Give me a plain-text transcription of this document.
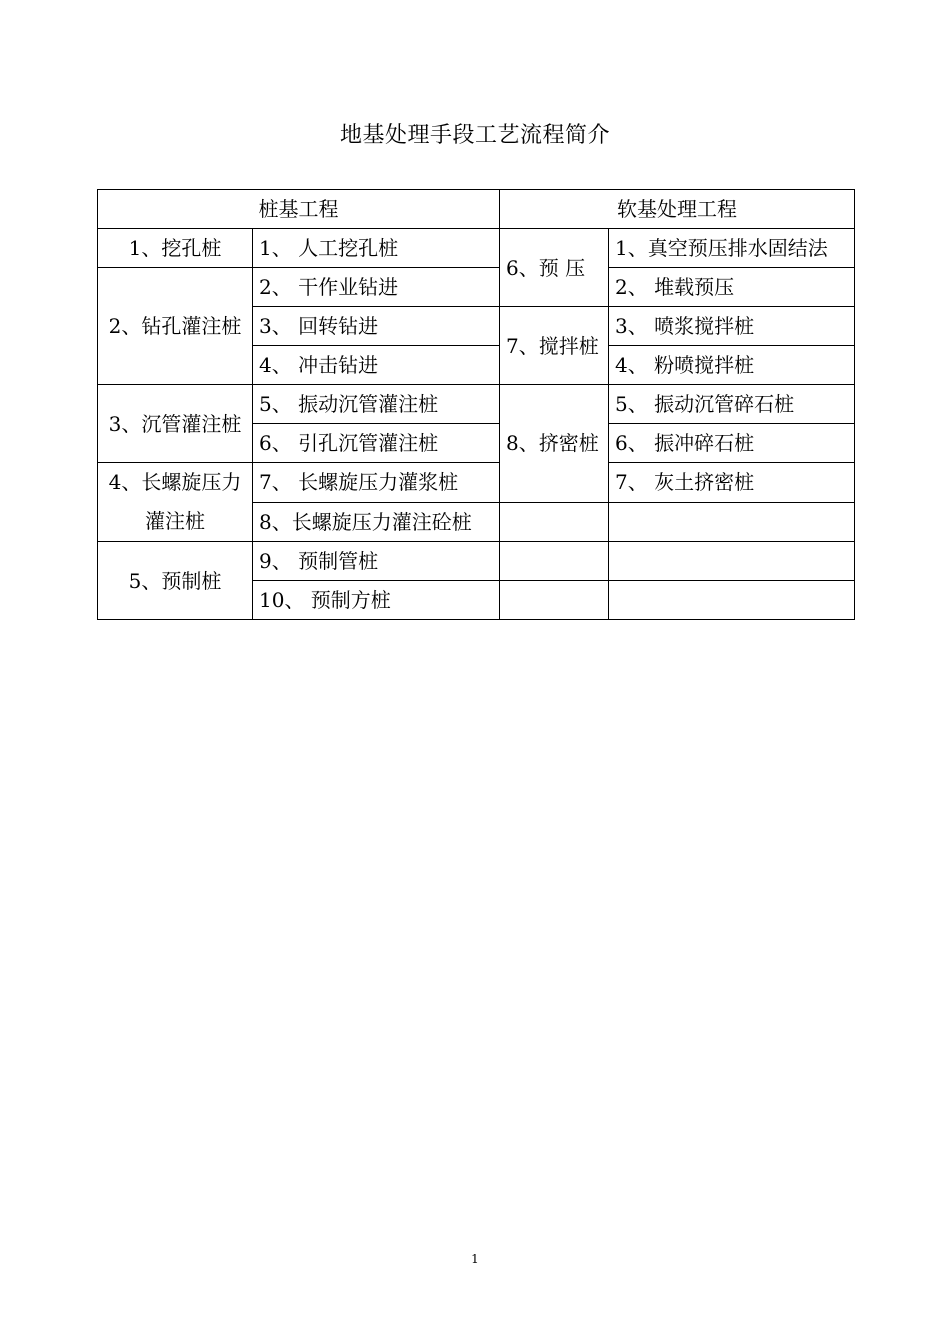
地基处理手段工艺流程简介
桩基工程		软基处理工程	
1、挖孔桩	1、 人工挖孔桩	6、预 压	1、真空预压排水固结法
2、钻孔灌注桩	2、 干作业钻进		2、 堆载预压
	3、 回转钻进	7、搅拌桩	3、 喷浆搅拌桩
	4、 冲击钻进		4、 粉喷搅拌桩
3、沉管灌注桩	5、 振动沉管灌注桩	8、挤密桩	5、 振动沉管碎石桩
	6、 引孔沉管灌注桩		6、 振冲碎石桩
4、长螺旋压力灌注桩	7、 长螺旋压力灌浆桩		7、 灰土挤密桩
	8、长螺旋压力灌注砼桩		
5、预制桩	9、 预制管桩		
	10、 预制方桩		
1
